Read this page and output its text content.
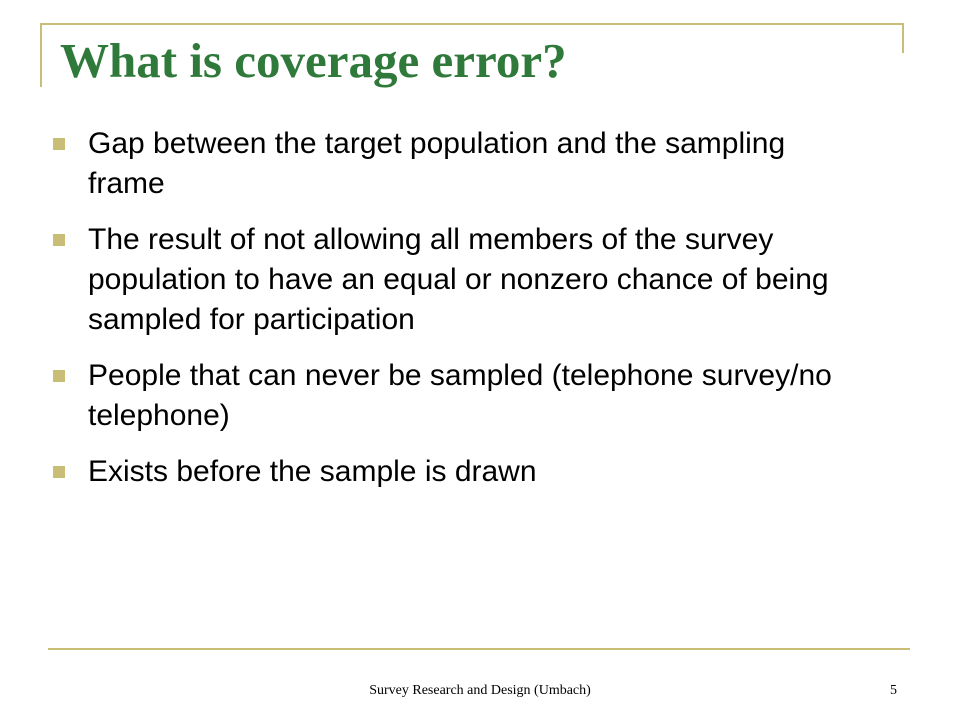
What is coverage error?
Gap between the target population and the sampling frame
The result of not allowing all members of the survey population to have an equal or nonzero chance of being sampled for participation
People that can never be sampled (telephone survey/no telephone)
Exists before the sample is drawn

Survey Research and Design (Umbach)	5
